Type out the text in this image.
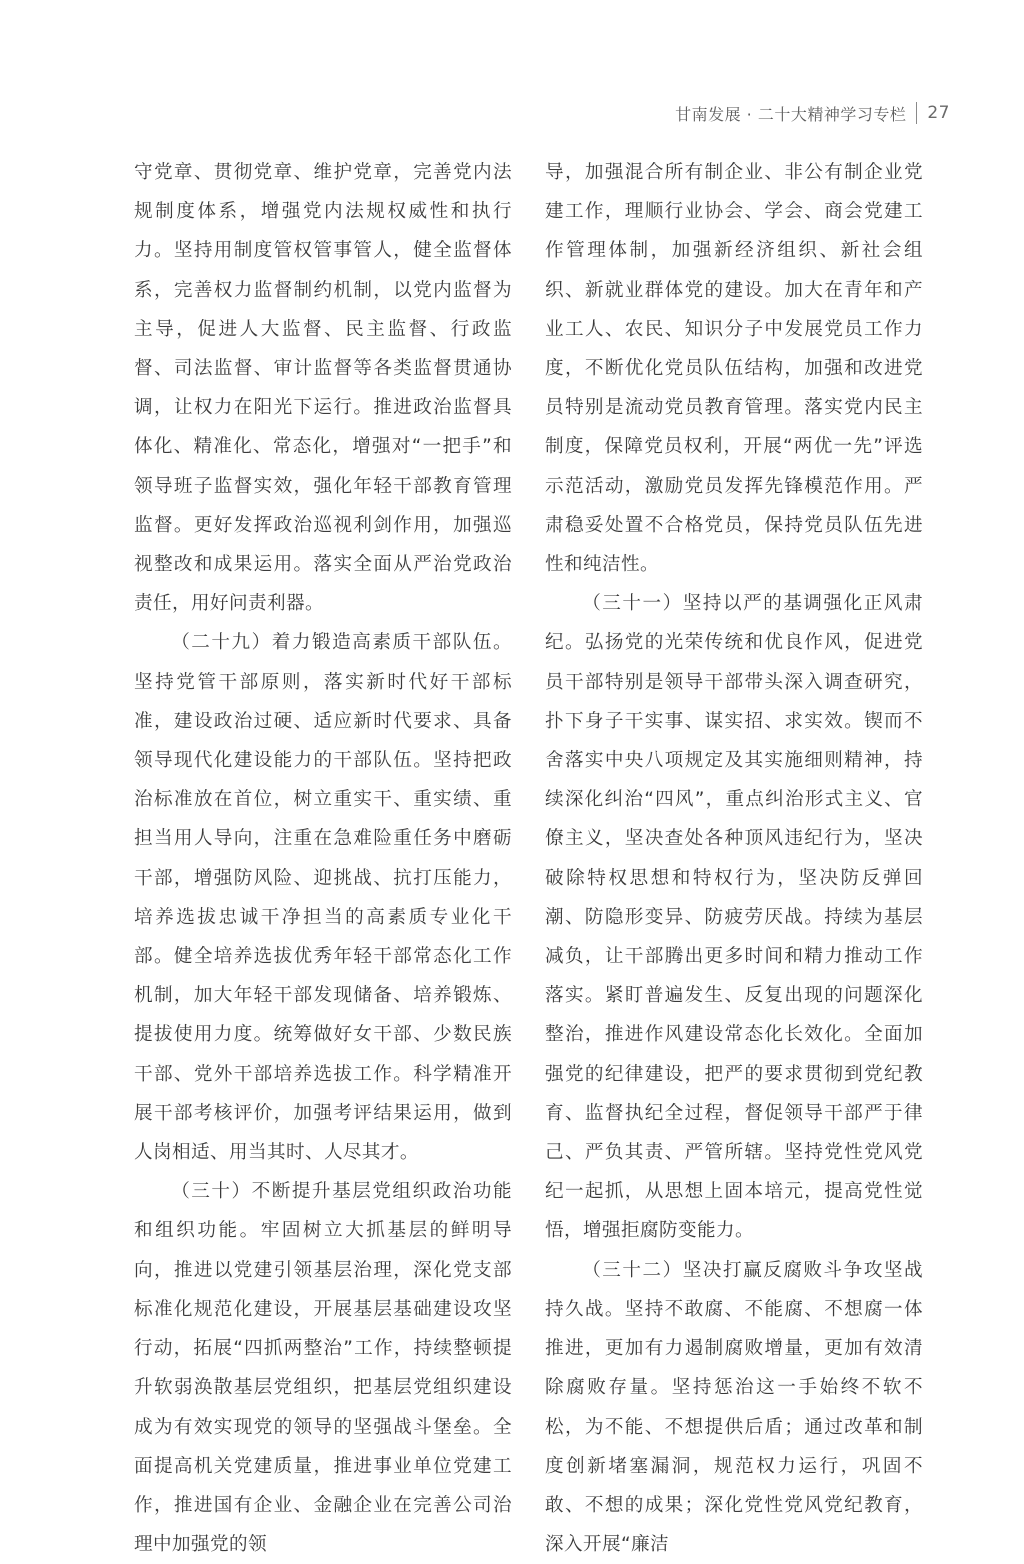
甘南发展 · 二十大精神学习专栏 27

守党章、贯彻党章、维护党章，完善党内法规制度体系，增强党内法规权威性和执行力。坚持用制度管权管事管人，健全监督体系，完善权力监督制约机制，以党内监督为主导，促进人大监督、民主监督、行政监督、司法监督、审计监督等各类监督贯通协调，让权力在阳光下运行。推进政治监督具体化、精准化、常态化，增强对“一把手”和领导班子监督实效，强化年轻干部教育管理监督。更好发挥政治巡视利剑作用，加强巡视整改和成果运用。落实全面从严治党政治责任，用好问责利器。

（二十九）着力锻造高素质干部队伍。坚持党管干部原则，落实新时代好干部标准，建设政治过硬、适应新时代要求、具备领导现代化建设能力的干部队伍。坚持把政治标准放在首位，树立重实干、重实绩、重担当用人导向，注重在急难险重任务中磨砺干部，增强防风险、迎挑战、抗打压能力，培养选拔忠诚干净担当的高素质专业化干部。健全培养选拔优秀年轻干部常态化工作机制，加大年轻干部发现储备、培养锻炼、提拔使用力度。统筹做好女干部、少数民族干部、党外干部培养选拔工作。科学精准开展干部考核评价，加强考评结果运用，做到人岗相适、用当其时、人尽其才。

（三十）不断提升基层党组织政治功能和组织功能。牢固树立大抓基层的鲜明导向，推进以党建引领基层治理，深化党支部标准化规范化建设，开展基层基础建设攻坚行动，拓展“四抓两整治”工作，持续整顿提升软弱涣散基层党组织，把基层党组织建设成为有效实现党的领导的坚强战斗堡垒。全面提高机关党建质量，推进事业单位党建工作，推进国有企业、金融企业在完善公司治理中加强党的领

导，加强混合所有制企业、非公有制企业党建工作，理顺行业协会、学会、商会党建工作管理体制，加强新经济组织、新社会组织、新就业群体党的建设。加大在青年和产业工人、农民、知识分子中发展党员工作力度，不断优化党员队伍结构，加强和改进党员特别是流动党员教育管理。落实党内民主制度，保障党员权利，开展“两优一先”评选示范活动，激励党员发挥先锋模范作用。严肃稳妥处置不合格党员，保持党员队伍先进性和纯洁性。

（三十一）坚持以严的基调强化正风肃纪。弘扬党的光荣传统和优良作风，促进党员干部特别是领导干部带头深入调查研究，扑下身子干实事、谋实招、求实效。锲而不舍落实中央八项规定及其实施细则精神，持续深化纠治“四风”，重点纠治形式主义、官僚主义，坚决查处各种顶风违纪行为，坚决破除特权思想和特权行为，坚决防反弹回潮、防隐形变异、防疲劳厌战。持续为基层减负，让干部腾出更多时间和精力推动工作落实。紧盯普遍发生、反复出现的问题深化整治，推进作风建设常态化长效化。全面加强党的纪律建设，把严的要求贯彻到党纪教育、监督执纪全过程，督促领导干部严于律己、严负其责、严管所辖。坚持党性党风党纪一起抓，从思想上固本培元，提高党性觉悟，增强拒腐防变能力。

（三十二）坚决打赢反腐败斗争攻坚战持久战。坚持不敢腐、不能腐、不想腐一体推进，更加有力遏制腐败增量，更加有效清除腐败存量。坚持惩治这一手始终不软不松，为不能、不想提供后盾；通过改革和制度创新堵塞漏洞，规范权力运行，巩固不敢、不想的成果；深化党性党风党纪教育，深入开展“廉洁
